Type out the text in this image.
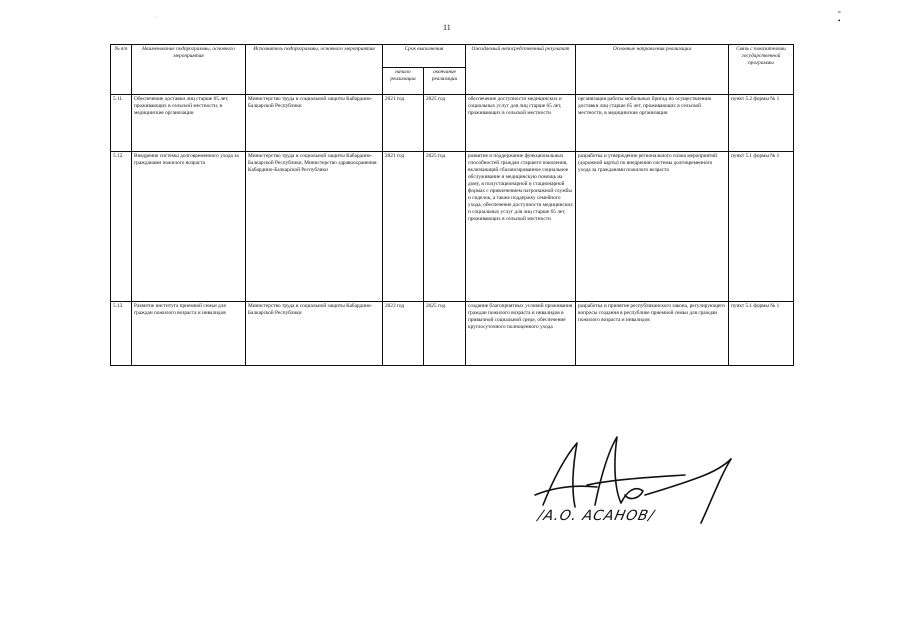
11
ʷ •
·
№ п/п	Наименование подпрограммы, основного мероприятия	Исполнитель подпрограммы, основного мероприятия	Срок выполнения		Ожидаемый непосредственный результат	Основные направления реализации	Связь с показателями государственной программы
			начало реализации	окончание реализации			
5.11.	Обеспечение доставки лиц старше 65 лет, проживающих в сельской местности, в медицинские организации	Министерство труда и социальной защиты Кабардино-Балкарской Республики	2021 год	2025 год	обеспечение доступности медицинских и социальных услуг для лиц старше 65 лет, проживающих в сельской местности	организация работы мобильных бригад по осуществлению доставки лиц старше 65 лет, проживающих в сельской местности, в медицинские организации	пункт 5.2 формы № 1
5.12.	Внедрение системы долговременного ухода за гражданами пожилого возраста	Министерство труда и социальной защиты Кабардино-Балкарской Республики, Министерство здравоохранения Кабардино-Балкарской Республики	2021 год	2025 год	развитие и поддержание функциональных способностей граждан старшего поколения, включающий сбалансированное социальное обслуживание и медицинскую помощь на дому, в полустационарной и стационарной формах с привлечением патронажной службы и сиделок, а также поддержку семейного ухода, обеспечение доступности медицинских и социальных услуг для лиц старше 65 лет, проживающих в сельской местности	разработка и утверждение регионального плана мероприятий (дорожной карты) по внедрению системы долговременного ухода за гражданами пожилого возраста	пункт 5.1 формы № 1
5.13.	Развитие института приемной семьи для граждан пожилого возраста и инвалидов	Министерство труда и социальной защиты Кабардино-Балкарской Республики	2023 год	2025 год	создание благоприятных условий проживания граждан пожилого возраста и инвалидов в привычной социальной среде, обеспечение круглосуточного полноценного ухода	разработка и принятие республиканского закона, регулирующего вопросы создания в республике приемной семьи для граждан пожилого возраста и инвалидов	пункт 5.1 формы № 1
/А.О. АСАНОВ/
